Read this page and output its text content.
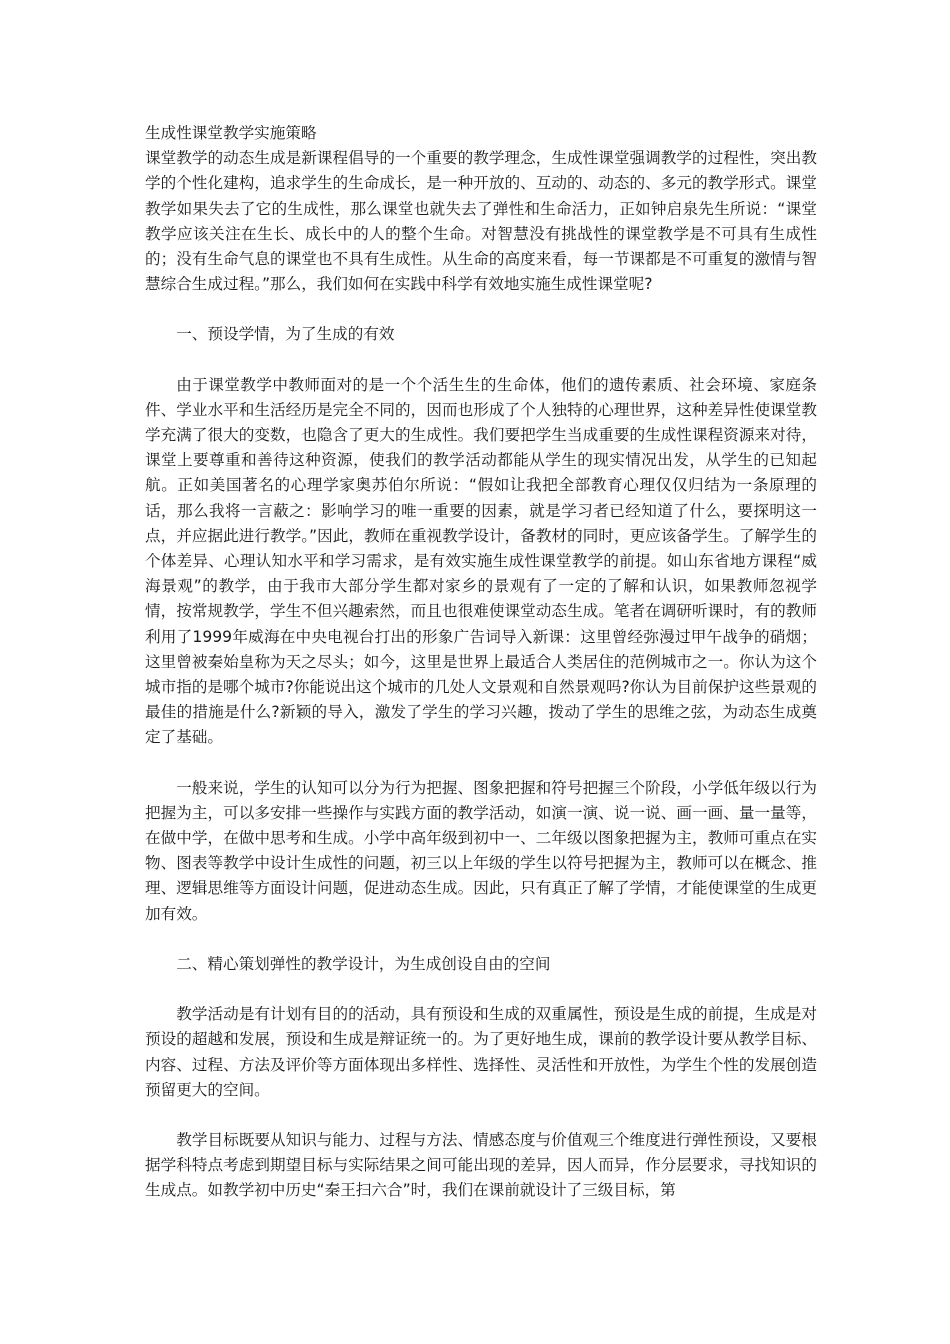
生成性课堂教学实施策略

课堂教学的动态生成是新课程倡导的一个重要的教学理念，生成性课堂强调教学的过程性，突出教学的个性化建构，追求学生的生命成长，是一种开放的、互动的、动态的、多元的教学形式。课堂教学如果失去了它的生成性，那么课堂也就失去了弹性和生命活力，正如钟启泉先生所说：“课堂教学应该关注在生长、成长中的人的整个生命。对智慧没有挑战性的课堂教学是不可具有生成性的；没有生命气息的课堂也不具有生成性。从生命的高度来看，每一节课都是不可重复的激情与智慧综合生成过程。”那么，我们如何在实践中科学有效地实施生成性课堂呢?

一、预设学情，为了生成的有效

由于课堂教学中教师面对的是一个个活生生的生命体，他们的遗传素质、社会环境、家庭条件、学业水平和生活经历是完全不同的，因而也形成了个人独特的心理世界，这种差异性使课堂教学充满了很大的变数，也隐含了更大的生成性。我们要把学生当成重要的生成性课程资源来对待，课堂上要尊重和善待这种资源，使我们的教学活动都能从学生的现实情况出发，从学生的已知起航。正如美国著名的心理学家奥苏伯尔所说：“假如让我把全部教育心理仅仅归结为一条原理的话，那么我将一言蔽之：影响学习的唯一重要的因素，就是学习者已经知道了什么，要探明这一点，并应据此进行教学。”因此，教师在重视教学设计，备教材的同时，更应该备学生。了解学生的个体差异、心理认知水平和学习需求，是有效实施生成性课堂教学的前提。如山东省地方课程“威海景观”的教学，由于我市大部分学生都对家乡的景观有了一定的了解和认识，如果教师忽视学情，按常规教学，学生不但兴趣索然，而且也很难使课堂动态生成。笔者在调研听课时，有的教师利用了1999年威海在中央电视台打出的形象广告词导入新课：这里曾经弥漫过甲午战争的硝烟；这里曾被秦始皇称为天之尽头；如今，这里是世界上最适合人类居住的范例城市之一。你认为这个城市指的是哪个城市?你能说出这个城市的几处人文景观和自然景观吗?你认为目前保护这些景观的最佳的措施是什么?新颖的导入，激发了学生的学习兴趣，拨动了学生的思维之弦，为动态生成奠定了基础。

一般来说，学生的认知可以分为行为把握、图象把握和符号把握三个阶段，小学低年级以行为把握为主，可以多安排一些操作与实践方面的教学活动，如演一演、说一说、画一画、量一量等，在做中学，在做中思考和生成。小学中高年级到初中一、二年级以图象把握为主，教师可重点在实物、图表等教学中设计生成性的问题，初三以上年级的学生以符号把握为主，教师可以在概念、推理、逻辑思维等方面设计问题，促进动态生成。因此，只有真正了解了学情，才能使课堂的生成更加有效。

二、精心策划弹性的教学设计，为生成创设自由的空间

教学活动是有计划有目的的活动，具有预设和生成的双重属性，预设是生成的前提，生成是对预设的超越和发展，预设和生成是辩证统一的。为了更好地生成，课前的教学设计要从教学目标、内容、过程、方法及评价等方面体现出多样性、选择性、灵活性和开放性，为学生个性的发展创造预留更大的空间。

教学目标既要从知识与能力、过程与方法、情感态度与价值观三个维度进行弹性预设，又要根据学科特点考虑到期望目标与实际结果之间可能出现的差异，因人而异，作分层要求，寻找知识的生成点。如教学初中历史“秦王扫六合”时，我们在课前就设计了三级目标，第
